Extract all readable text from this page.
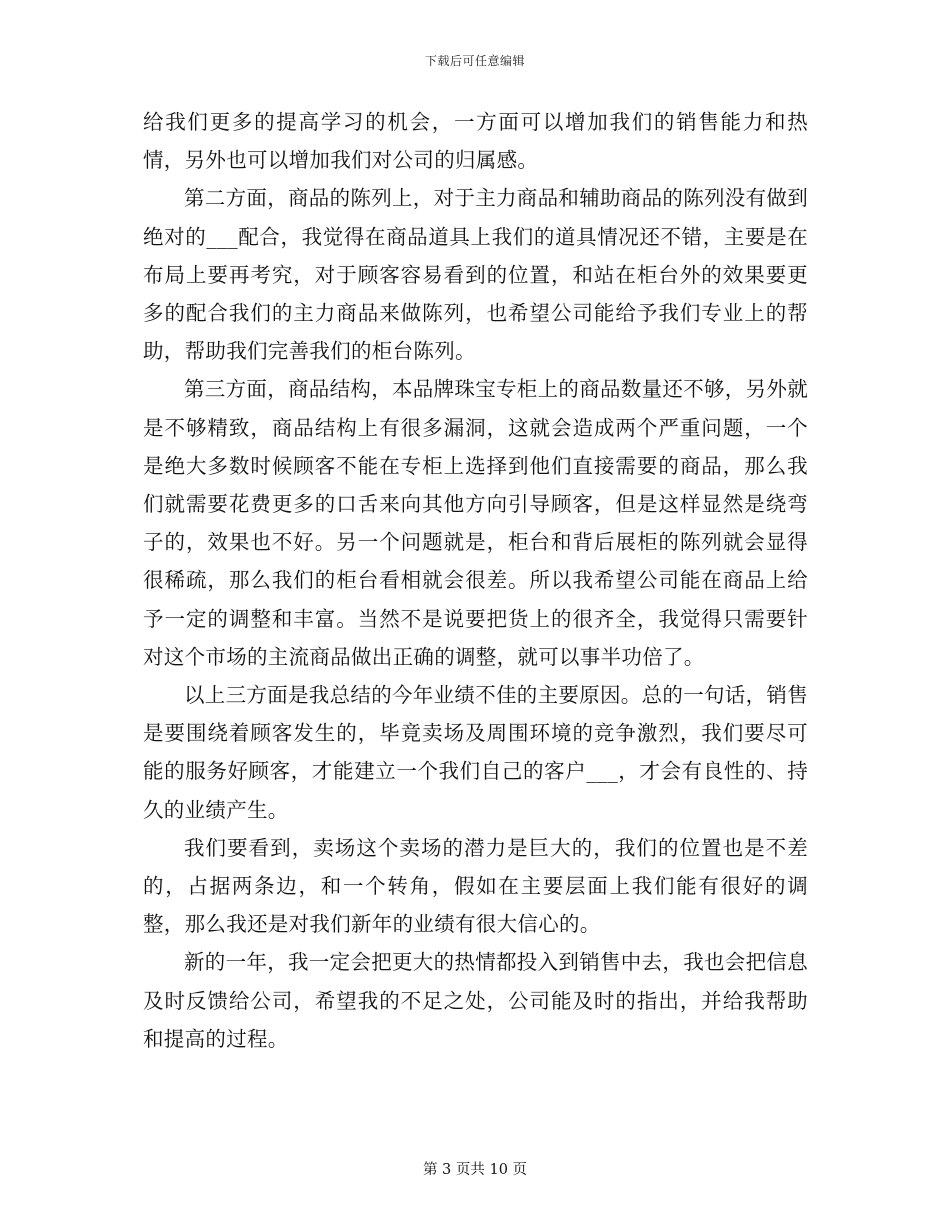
下载后可任意编辑

给我们更多的提高学习的机会，一方面可以增加我们的销售能力和热情，另外也可以增加我们对公司的归属感。

第二方面，商品的陈列上，对于主力商品和辅助商品的陈列没有做到绝对的___配合，我觉得在商品道具上我们的道具情况还不错，主要是在布局上要再考究，对于顾客容易看到的位置，和站在柜台外的效果要更多的配合我们的主力商品来做陈列，也希望公司能给予我们专业上的帮助，帮助我们完善我们的柜台陈列。

第三方面，商品结构，本品牌珠宝专柜上的商品数量还不够，另外就是不够精致，商品结构上有很多漏洞，这就会造成两个严重问题，一个是绝大多数时候顾客不能在专柜上选择到他们直接需要的商品，那么我们就需要花费更多的口舌来向其他方向引导顾客，但是这样显然是绕弯子的，效果也不好。另一个问题就是，柜台和背后展柜的陈列就会显得很稀疏，那么我们的柜台看相就会很差。所以我希望公司能在商品上给予一定的调整和丰富。当然不是说要把货上的很齐全，我觉得只需要针对这个市场的主流商品做出正确的调整，就可以事半功倍了。

以上三方面是我总结的今年业绩不佳的主要原因。总的一句话，销售是要围绕着顾客发生的，毕竟卖场及周围环境的竞争激烈，我们要尽可能的服务好顾客，才能建立一个我们自己的客户___，才会有良性的、持久的业绩产生。

我们要看到，卖场这个卖场的潜力是巨大的，我们的位置也是不差的，占据两条边，和一个转角，假如在主要层面上我们能有很好的调整，那么我还是对我们新年的业绩有很大信心的。

新的一年，我一定会把更大的热情都投入到销售中去，我也会把信息及时反馈给公司，希望我的不足之处，公司能及时的指出，并给我帮助和提高的过程。

第 3 页共 10 页
